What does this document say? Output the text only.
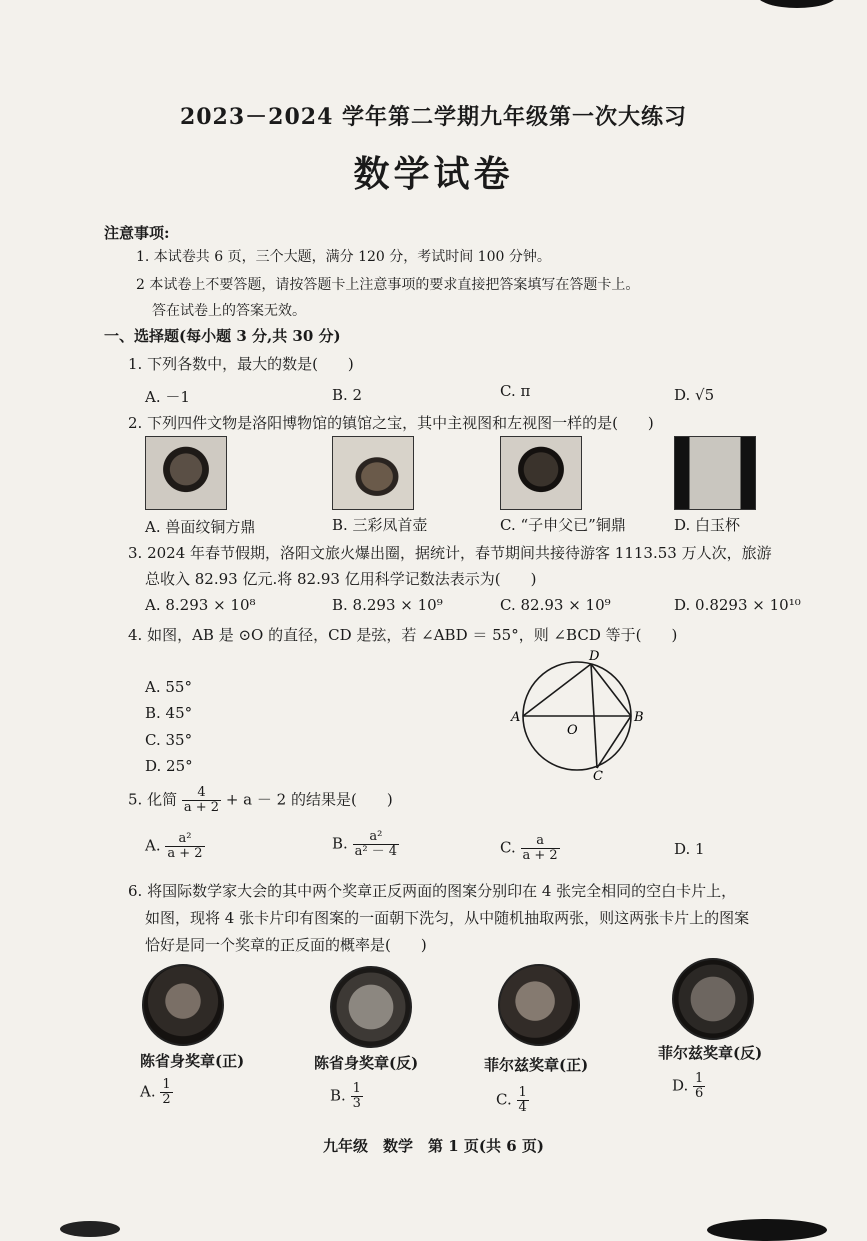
2023－2024 学年第二学期九年级第一次大练习
数学试卷
注意事项:
1. 本试卷共 6 页，三个大题，满分 120 分，考试时间 100 分钟。
2 本试卷上不要答题，请按答题卡上注意事项的要求直接把答案填写在答题卡上。
答在试卷上的答案无效。
一、选择题(每小题 3 分,共 30 分)
1. 下列各数中，最大的数是(　　)
A. －1	B. 2	C. π	D. √5
2. 下列四件文物是洛阳博物馆的镇馆之宝，其中主视图和左视图一样的是(　　)
A. 兽面纹铜方鼎	B. 三彩凤首壶	C. “子申父已”铜鼎	D. 白玉杯
3. 2024 年春节假期，洛阳文旅火爆出圈，据统计，春节期间共接待游客 1113.53 万人次，旅游
总收入 82.93 亿元.将 82.93 亿用科学记数法表示为(　　)
A. 8.293 × 10⁸	B. 8.293 × 10⁹	C. 82.93 × 10⁹	D. 0.8293 × 10¹⁰
4. 如图，AB 是 ⊙O 的直径，CD 是弦，若 ∠ABD ＝ 55°，则 ∠BCD 等于(　　)
A. 55°
B. 45°
C. 35°
D. 25°
A	B
D
C
O
5. 化简 $\frac{4}{a + 2} + a - 2$ 的结果是(　　)
A. $\frac{\text{a²}}{a + 2}$	B. $\frac{\text{a²}}{\text{a² － 4}}$	C. $\frac{a}{a + 2}$	D. 1
6. 将国际数学家大会的其中两个奖章正反两面的图案分别印在 4 张完全相同的空白卡片上，
如图，现将 4 张卡片印有图案的一面朝下洗匀，从中随机抽取两张，则这两张卡片上的图案
恰好是同一个奖章的正反面的概率是(　　)
陈省身奖章(正)	陈省身奖章(反)	菲尔兹奖章(正)
菲尔兹奖章(反)
A. $\frac{1}{2}$	B. $\frac{1}{3}$	C. $\frac{1}{4}$
D. $\frac{1}{6}$
九年级　数学　第 1 页(共 6 页)
